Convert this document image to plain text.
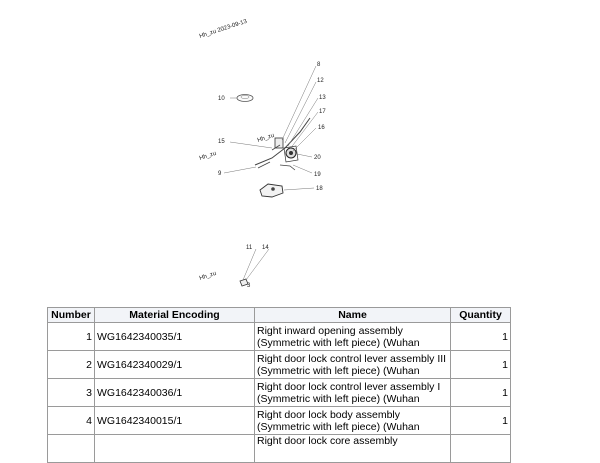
Hh_zu 2023-09-13
Hh_zu
Hh_zu
Hh_zu
8
12
13
17
16
10
15
20
19
9
18
11 14
3
Number	Material Encoding	Name	Quantity
1	WG1642340035/1	Right inward opening assembly (Symmetric with left piece) (Wuhan	1
2	WG1642340029/1	Right door lock control lever assembly III (Symmetric with left piece) (Wuhan	1
3	WG1642340036/1	Right door lock control lever assembly I (Symmetric with left piece) (Wuhan	1
4	WG1642340015/1	Right door lock body assembly (Symmetric with left piece) (Wuhan	1
		Right door lock core assembly	
